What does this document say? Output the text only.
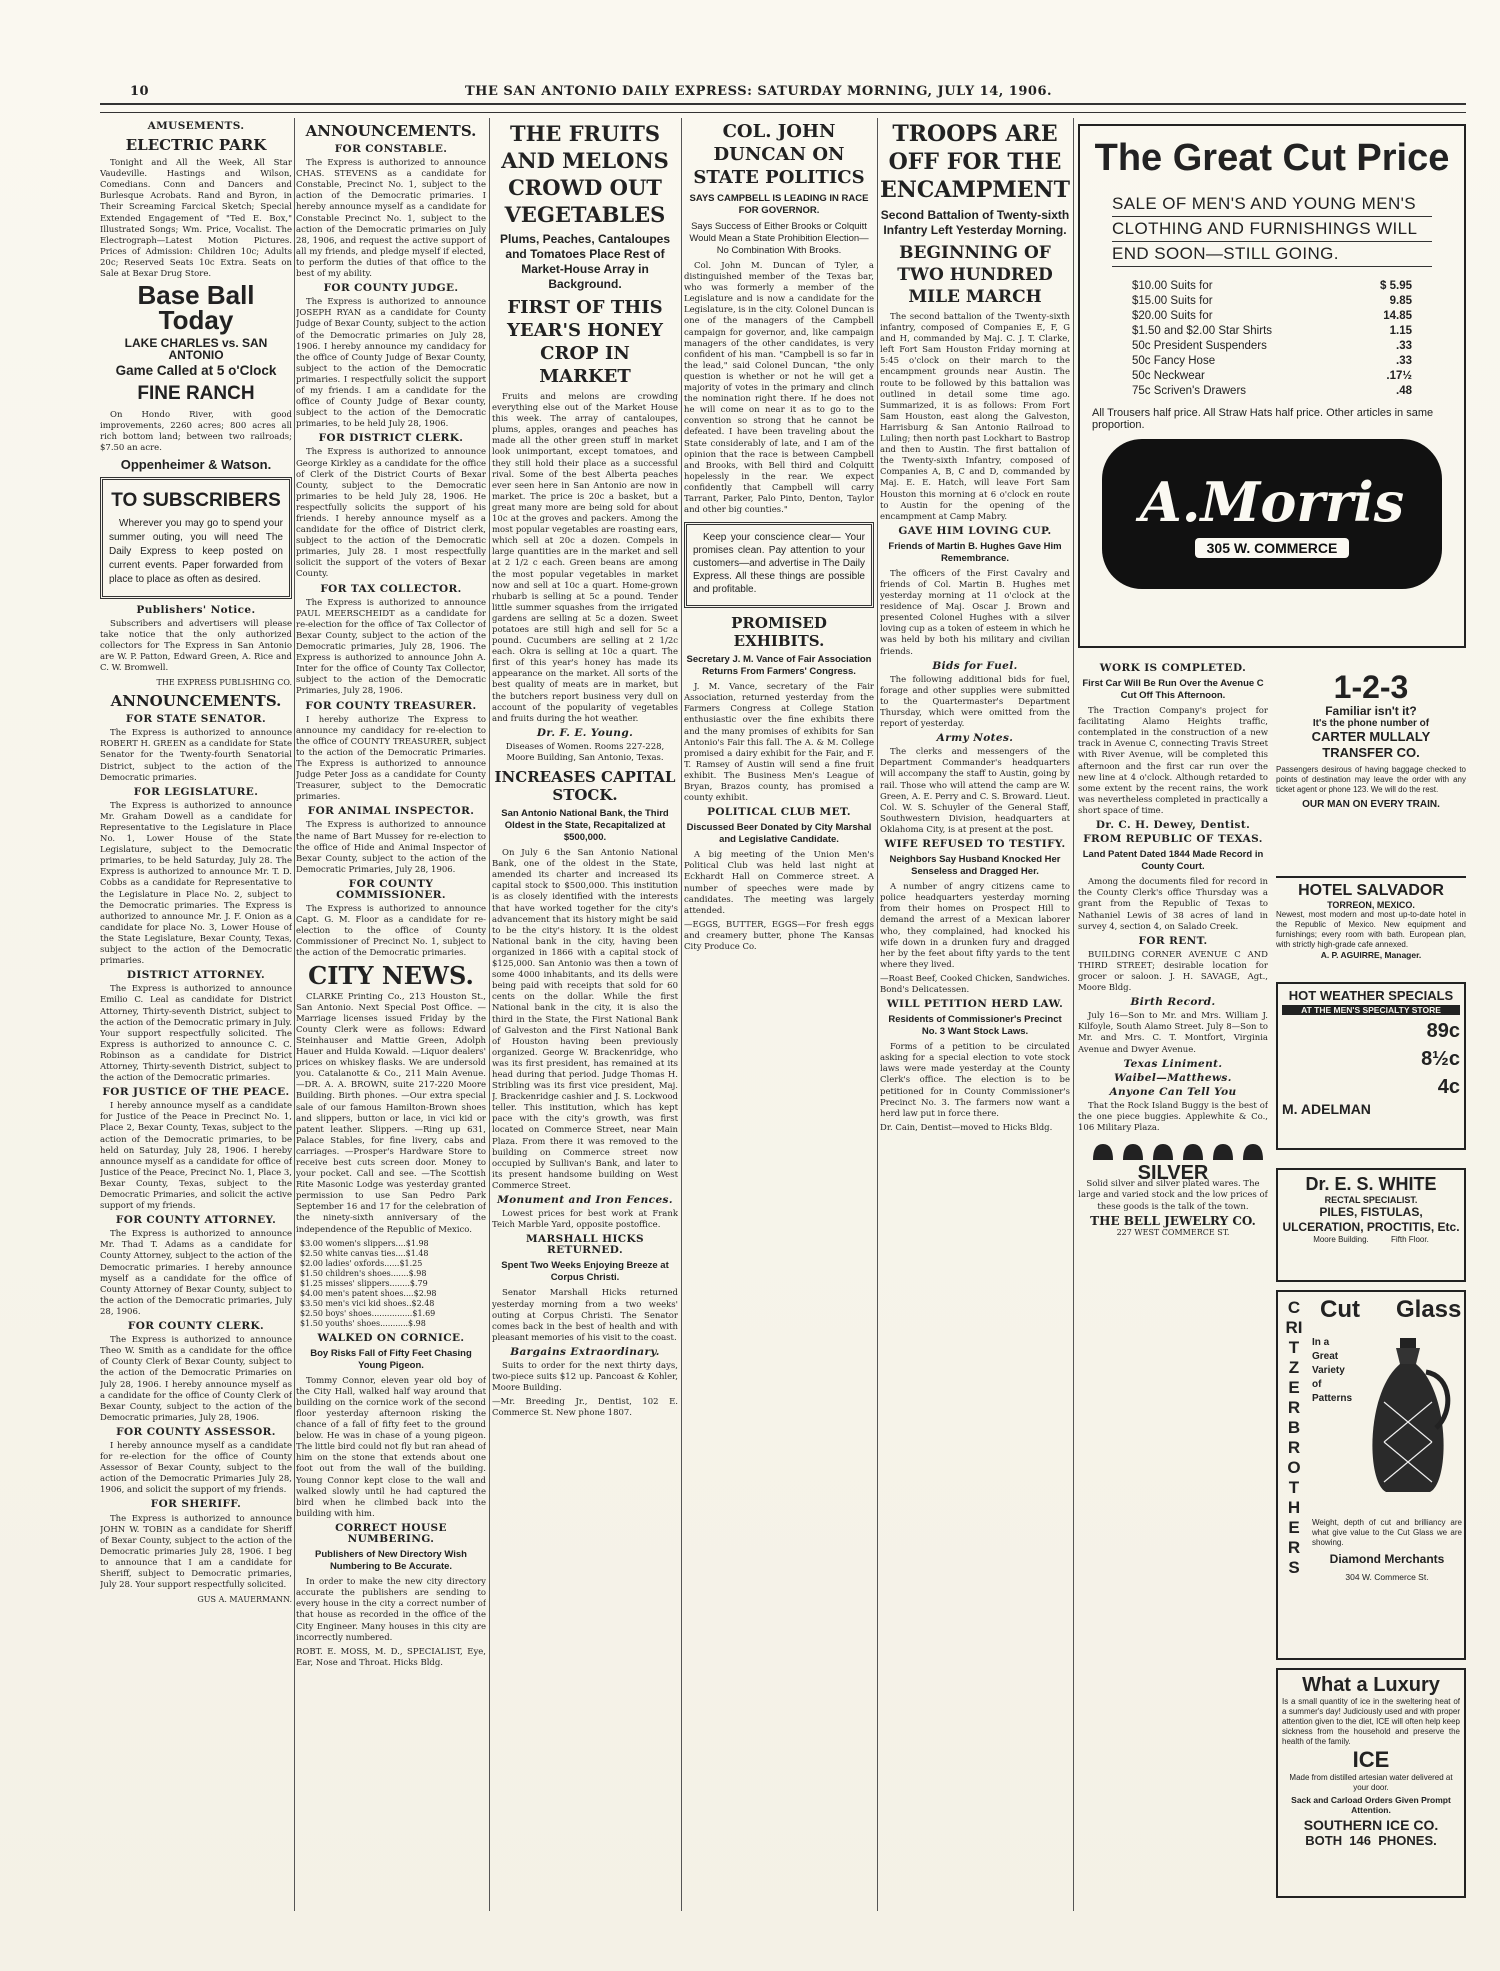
10	THE SAN ANTONIO DAILY EXPRESS: SATURDAY MORNING, JULY 14, 1906.
AMUSEMENTS.
ELECTRIC PARK

Tonight and All the Week, All Star Vaudeville. Hastings and Wilson, Comedians. Conn and Dancers and Burlesque Acrobats. Rand and Byron, in Their Screaming Farcical Sketch; Special Extended Engagement of "Ted E. Box," Illustrated Songs; Wm. Price, Vocalist. The Electrograph—Latest Motion Pictures. Prices of Admission: Children 10c; Adults 20c; Reserved Seats 10c Extra. Seats on Sale at Bexar Drug Store.

Base Ball Today
LAKE CHARLES vs. SAN ANTONIO
Game Called at 5 o'Clock
FINE RANCH

On Hondo River, with good improvements, 2260 acres; 800 acres all rich bottom land; between two railroads; $7.50 an acre.

Oppenheimer & Watson.
TO SUBSCRIBERS

Wherever you may go to spend your summer outing, you will need The Daily Express to keep posted on current events. Paper forwarded from place to place as often as desired.

Publishers' Notice.

Subscribers and advertisers will please take notice that the only authorized collectors for The Express in San Antonio are W. P. Patton, Edward Green, A. Rice and C. W. Bromwell.

THE EXPRESS PUBLISHING CO.
ANNOUNCEMENTS.
FOR STATE SENATOR.

The Express is authorized to announce ROBERT H. GREEN as a candidate for State Senator for the Twenty-fourth Senatorial District, subject to the action of the Democratic primaries.

FOR LEGISLATURE.

The Express is authorized to announce Mr. Graham Dowell as a candidate for Representative to the Legislature in Place No. 1, Lower House of the State Legislature, subject to the Democratic primaries, to be held Saturday, July 28. The Express is authorized to announce Mr. T. D. Cobbs as a candidate for Representative to the Legislature in Place No. 2, subject to the Democratic primaries. The Express is authorized to announce Mr. J. F. Onion as a candidate for place No. 3, Lower House of the State Legislature, Bexar County, Texas, subject to the action of the Democratic primaries.

DISTRICT ATTORNEY.

The Express is authorized to announce Emilio C. Leal as candidate for District Attorney, Thirty-seventh District, subject to the action of the Democratic primary in July. Your support respectfully solicited. The Express is authorized to announce C. C. Robinson as a candidate for District Attorney, Thirty-seventh District, subject to the action of the Democratic primaries.

FOR JUSTICE OF THE PEACE.

I hereby announce myself as a candidate for Justice of the Peace in Precinct No. 1, Place 2, Bexar County, Texas, subject to the action of the Democratic primaries, to be held on Saturday, July 28, 1906. I hereby announce myself as a candidate for office of Justice of the Peace, Precinct No. 1, Place 3, Bexar County, Texas, subject to the Democratic Primaries, and solicit the active support of my friends.

FOR COUNTY ATTORNEY.

The Express is authorized to announce Mr. Thad T. Adams as a candidate for County Attorney, subject to the action of the Democratic primaries. I hereby announce myself as a candidate for the office of County Attorney of Bexar County, subject to the action of the Democratic primaries, July 28, 1906.

FOR COUNTY CLERK.

The Express is authorized to announce Theo W. Smith as a candidate for the office of County Clerk of Bexar County, subject to the action of the Democratic Primaries on July 28, 1906. I hereby announce myself as a candidate for the office of County Clerk of Bexar County, subject to the action of the Democratic primaries, July 28, 1906.

FOR COUNTY ASSESSOR.

I hereby announce myself as a candidate for re-election for the office of County Assessor of Bexar County, subject to the action of the Democratic Primaries July 28, 1906, and solicit the support of my friends.

FOR SHERIFF.

The Express is authorized to announce JOHN W. TOBIN as a candidate for Sheriff of Bexar County, subject to the action of the Democratic primaries July 28, 1906. I beg to announce that I am a candidate for Sheriff, subject to Democratic primaries, July 28. Your support respectfully solicited.

GUS A. MAUERMANN.
ANNOUNCEMENTS.
FOR CONSTABLE.

The Express is authorized to announce CHAS. STEVENS as a candidate for Constable, Precinct No. 1, subject to the action of the Democratic primaries. I hereby announce myself as a candidate for Constable Precinct No. 1, subject to the action of the Democratic primaries on July 28, 1906, and request the active support of all my friends, and pledge myself if elected, to perform the duties of that office to the best of my ability.

FOR COUNTY JUDGE.

The Express is authorized to announce JOSEPH RYAN as a candidate for County Judge of Bexar County, subject to the action of the Democratic primaries on July 28, 1906. I hereby announce my candidacy for the office of County Judge of Bexar County, subject to the action of the Democratic primaries. I respectfully solicit the support of my friends. I am a candidate for the office of County Judge of Bexar county, subject to the action of the Democratic primaries, to be held July 28, 1906.

FOR DISTRICT CLERK.

The Express is authorized to announce George Kirkley as a candidate for the office of Clerk of the District Courts of Bexar County, subject to the Democratic primaries to be held July 28, 1906. He respectfully solicits the support of his friends. I hereby announce myself as a candidate for the office of District clerk, subject to the action of the Democratic primaries, July 28. I most respectfully solicit the support of the voters of Bexar County.

FOR TAX COLLECTOR.

The Express is authorized to announce PAUL MEERSCHEIDT as a candidate for re-election for the office of Tax Collector of Bexar County, subject to the action of the Democratic primaries, July 28, 1906. The Express is authorized to announce John A. Inter for the office of County Tax Collector, subject to the action of the Democratic Primaries, July 28, 1906.

FOR COUNTY TREASURER.

I hereby authorize The Express to announce my candidacy for re-election to the office of COUNTY TREASURER, subject to the action of the Democratic Primaries. The Express is authorized to announce Judge Peter Joss as a candidate for County Treasurer, subject to the Democratic primaries.

FOR ANIMAL INSPECTOR.

The Express is authorized to announce the name of Bart Mussey for re-election to the office of Hide and Animal Inspector of Bexar County, subject to the action of the Democratic Primaries, July 28, 1906.

FOR COUNTY COMMISSIONER.

The Express is authorized to announce Capt. G. M. Floor as a candidate for re-election to the office of County Commissioner of Precinct No. 1, subject to the action of the Democratic primaries.

CITY NEWS.

CLARKE Printing Co., 213 Houston St., San Antonio. Next Special Post Office. —Marriage licenses issued Friday by the County Clerk were as follows: Edward Steinhauser and Mattie Green, Adolph Hauer and Hulda Kowald. —Liquor dealers' prices on whiskey flasks. We are undersold you. Catalanotte & Co., 211 Main Avenue. —DR. A. A. BROWN, suite 217-220 Moore Building. Birth phones. —Our extra special sale of our famous Hamilton-Brown shoes and slippers, button or lace, in vici kid or patent leather. Slippers. —Ring up 631, Palace Stables, for fine livery, cabs and carriages. —Prosper's Hardware Store to receive best cuts screen door. Money to your pocket. Call and see. —The Scottish Rite Masonic Lodge was yesterday granted permission to use San Pedro Park September 16 and 17 for the celebration of the ninety-sixth anniversary of the independence of the Republic of Mexico.

$3.00 women's slippers....$1.98
$2.50 white canvas ties....$1.48
$2.00 ladies' oxfords......$1.25
$1.50 children's shoes.......$.98
$1.25 misses' slippers........$.79
$4.00 men's patent shoes....$2.98
$3.50 men's vici kid shoes..$2.48
$2.50 boys' shoes................$1.69
$1.50 youths' shoes...........$.98
WALKED ON CORNICE.
Boy Risks Fall of Fifty Feet Chasing Young Pigeon.

Tommy Connor, eleven year old boy of the City Hall, walked half way around that building on the cornice work of the second floor yesterday afternoon risking the chance of a fall of fifty feet to the ground below. He was in chase of a young pigeon. The little bird could not fly but ran ahead of him on the stone that extends about one foot out from the wall of the building. Young Connor kept close to the wall and walked slowly until he had captured the bird when he climbed back into the building with him.

CORRECT HOUSE NUMBERING.
Publishers of New Directory Wish Numbering to Be Accurate.

In order to make the new city directory accurate the publishers are sending to every house in the city a correct number of that house as recorded in the office of the City Engineer. Many houses in this city are incorrectly numbered.

ROBT. E. MOSS, M. D., SPECIALIST, Eye, Ear, Nose and Throat. Hicks Bldg.

THE FRUITS AND MELONS CROWD OUT VEGETABLES
Plums, Peaches, Cantaloupes and Tomatoes Place Rest of Market-House Array in Background.
FIRST OF THIS YEAR'S HONEY CROP IN MARKET

Fruits and melons are crowding everything else out of the Market House this week. The array of cantaloupes, plums, apples, oranges and peaches has made all the other green stuff in market look unimportant, except tomatoes, and they still hold their place as a successful rival. Some of the best Alberta peaches ever seen here in San Antonio are now in market. The price is 20c a basket, but a great many more are being sold for about 10c at the groves and packers. Among the most popular vegetables are roasting ears, which sell at 20c a dozen. Compels in large quantities are in the market and sell at 2 1/2 c each. Green beans are among the most popular vegetables in market now and sell at 10c a quart. Home-grown rhubarb is selling at 5c a pound. Tender little summer squashes from the irrigated gardens are selling at 5c a dozen. Sweet potatoes are still high and sell for 5c a pound. Cucumbers are selling at 2 1/2c each. Okra is selling at 10c a quart. The first of this year's honey has made its appearance on the market. All sorts of the best quality of meats are in market, but the butchers report business very dull on account of the popularity of vegetables and fruits during the hot weather.

Dr. F. E. Young.

Diseases of Women. Rooms 227-228, Moore Building, San Antonio, Texas.

INCREASES CAPITAL STOCK.
San Antonio National Bank, the Third Oldest in the State, Recapitalized at $500,000.

On July 6 the San Antonio National Bank, one of the oldest in the State, amended its charter and increased its capital stock to $500,000. This institution is as closely identified with the interests that have worked together for the city's advancement that its history might be said to be the city's history. It is the oldest National bank in the city, having been organized in 1866 with a capital stock of $125,000. San Antonio was then a town of some 4000 inhabitants, and its dells were being paid with receipts that sold for 60 cents on the dollar. While the first National bank in the city, it is also the third in the State, the First National Bank of Galveston and the First National Bank of Houston having been previously organized. George W. Brackenridge, who was its first president, has remained at its head during that period. Judge Thomas H. Stribling was its first vice president, Maj. J. Brackenridge cashier and J. S. Lockwood teller. This institution, which has kept pace with the city's growth, was first located on Commerce Street, near Main Plaza. From there it was removed to the building on Commerce street now occupied by Sullivan's Bank, and later to its present handsome building on West Commerce Street.

Monument and Iron Fences.

Lowest prices for best work at Frank Teich Marble Yard, opposite postoffice.

MARSHALL HICKS RETURNED.
Spent Two Weeks Enjoying Breeze at Corpus Christi.

Senator Marshall Hicks returned yesterday morning from a two weeks' outing at Corpus Christi. The Senator comes back in the best of health and with pleasant memories of his visit to the coast.

Bargains Extraordinary.

Suits to order for the next thirty days, two-piece suits $12 up. Pancoast & Kohler, Moore Building.

—Mr. Breeding Jr., Dentist, 102 E. Commerce St. New phone 1807.

COL. JOHN DUNCAN ON STATE POLITICS
SAYS CAMPBELL IS LEADING IN RACE FOR GOVERNOR.
Says Success of Either Brooks or Colquitt Would Mean a State Prohibition Election—No Combination With Brooks.

Col. John M. Duncan of Tyler, a distinguished member of the Texas bar, who was formerly a member of the Legislature and is now a candidate for the Legislature, is in the city. Colonel Duncan is one of the managers of the Campbell campaign for governor, and, like campaign managers of the other candidates, is very confident of his man. "Campbell is so far in the lead," said Colonel Duncan, "the only question is whether or not he will get a majority of votes in the primary and clinch the nomination right there. If he does not he will come on near it as to go to the convention so strong that he cannot be defeated. I have been traveling about the State considerably of late, and I am of the opinion that the race is between Campbell and Brooks, with Bell third and Colquitt hopelessly in the rear. We expect confidently that Campbell will carry Tarrant, Parker, Palo Pinto, Denton, Taylor and other big counties."

Keep your conscience clear— Your promises clean. Pay attention to your customers—and advertise in The Daily Express. All these things are possible and profitable.

PROMISED EXHIBITS.
Secretary J. M. Vance of Fair Association Returns From Farmers' Congress.

J. M. Vance, secretary of the Fair Association, returned yesterday from the Farmers Congress at College Station enthusiastic over the fine exhibits there and the many promises of exhibits for San Antonio's Fair this fall. The A. & M. College promised a dairy exhibit for the Fair, and F. T. Ramsey of Austin will send a fine fruit exhibit. The Business Men's League of Bryan, Brazos county, has promised a county exhibit.

POLITICAL CLUB MET.
Discussed Beer Donated by City Marshal and Legislative Candidate.

A big meeting of the Union Men's Political Club was held last night at Eckhardt Hall on Commerce street. A number of speeches were made by candidates. The meeting was largely attended.

—EGGS, BUTTER, EGGS—For fresh eggs and creamery butter, phone The Kansas City Produce Co.

TROOPS ARE OFF FOR THE ENCAMPMENT
Second Battalion of Twenty-sixth Infantry Left Yesterday Morning.
BEGINNING OF TWO HUNDRED MILE MARCH

The second battalion of the Twenty-sixth infantry, composed of Companies E, F, G and H, commanded by Maj. C. J. T. Clarke, left Fort Sam Houston Friday morning at 5:45 o'clock on their march to the encampment grounds near Austin. The route to be followed by this battalion was outlined in detail some time ago. Summarized, it is as follows: From Fort Sam Houston, east along the Galveston, Harrisburg & San Antonio Railroad to Luling; then north past Lockhart to Bastrop and then to Austin. The first battalion of the Twenty-sixth Infantry, composed of Companies A, B, C and D, commanded by Maj. E. E. Hatch, will leave Fort Sam Houston this morning at 6 o'clock en route to Austin for the opening of the encampment at Camp Mabry.

GAVE HIM LOVING CUP.
Friends of Martin B. Hughes Gave Him Remembrance.

The officers of the First Cavalry and friends of Col. Martin B. Hughes met yesterday morning at 11 o'clock at the residence of Maj. Oscar J. Brown and presented Colonel Hughes with a silver loving cup as a token of esteem in which he was held by both his military and civilian friends.

Bids for Fuel.

The following additional bids for fuel, forage and other supplies were submitted to the Quartermaster's Department Thursday, which were omitted from the report of yesterday.

Army Notes.

The clerks and messengers of the Department Commander's headquarters will accompany the staff to Austin, going by rail. Those who will attend the camp are W. Green, A. E. Perry and C. S. Broward. Lieut. Col. W. S. Schuyler of the General Staff, Southwestern Division, headquarters at Oklahoma City, is at present at the post.

WIFE REFUSED TO TESTIFY.
Neighbors Say Husband Knocked Her Senseless and Dragged Her.

A number of angry citizens came to police headquarters yesterday morning from their homes on Prospect Hill to demand the arrest of a Mexican laborer who, they complained, had knocked his wife down in a drunken fury and dragged her by the feet about fifty yards to the tent where they lived.

—Roast Beef, Cooked Chicken, Sandwiches. Bond's Delicatessen.

WILL PETITION HERD LAW.
Residents of Commissioner's Precinct No. 3 Want Stock Laws.

Forms of a petition to be circulated asking for a special election to vote stock laws were made yesterday at the County Clerk's office. The election is to be petitioned for in County Commissioner's Precinct No. 3. The farmers now want a herd law put in force there.

Dr. Cain, Dentist—moved to Hicks Bldg.

The Great Cut Price
SALE OF MEN'S AND YOUNG MEN'S
CLOTHING AND FURNISHINGS WILL
END SOON—STILL GOING.
$10.00 Suits for	$ 5.95
$15.00 Suits for	9.85
$20.00 Suits for	14.85
$1.50 and $2.00 Star Shirts	1.15
50c President Suspenders	.33
50c Fancy Hose	.33
50c Neckwear	.17½
75c Scriven's Drawers	.48
All Trousers half price. All Straw Hats half price. Other articles in same proportion.
A.Morris
305 W. COMMERCE
WORK IS COMPLETED.
First Car Will Be Run Over the Avenue C Cut Off This Afternoon.

The Traction Company's project for facilitating Alamo Heights traffic, contemplated in the construction of a new track in Avenue C, connecting Travis Street with River Avenue, will be completed this afternoon and the first car run over the new line at 4 o'clock. Although retarded to some extent by the recent rains, the work was nevertheless completed in practically a short space of time.

Dr. C. H. Dewey, Dentist.
FROM REPUBLIC OF TEXAS.
Land Patent Dated 1844 Made Record in County Court.

Among the documents filed for record in the County Clerk's office Thursday was a grant from the Republic of Texas to Nathaniel Lewis of 38 acres of land in survey 4, section 4, on Salado Creek.

FOR RENT.

BUILDING CORNER AVENUE C AND THIRD STREET; desirable location for grocer or saloon. J. H. SAVAGE, Agt., Moore Bldg.

Birth Record.

July 16—Son to Mr. and Mrs. William J. Kilfoyle, South Alamo Street. July 8—Son to Mr. and Mrs. C. T. Montfort, Virginia Avenue and Dwyer Avenue.

Texas Liniment.
Waibel—Matthews.
Anyone Can Tell You

That the Rock Island Buggy is the best of the one piece buggies. Applewhite & Co., 106 Military Plaza.

SILVER

Solid silver and silver plated wares. The large and varied stock and the low prices of these goods is the talk of the town.

THE BELL JEWELRY CO.
227 WEST COMMERCE ST.
1-2-3
Familiar isn't it?
It's the phone number of
CARTER MULLALY TRANSFER CO.
Passengers desirous of having baggage checked to points of destination may leave the order with any ticket agent or phone 123. We will do the rest.
OUR MAN ON EVERY TRAIN.
HOTEL SALVADOR
TORREON, MEXICO.
Newest, most modern and most up-to-date hotel in the Republic of Mexico. New equipment and furnishings; every room with bath. European plan, with strictly high-grade cafe annexed.
A. P. AGUIRRE, Manager.
HOT WEATHER SPECIALS
AT THE MEN'S SPECIALTY STORE
89c
8½c
4c
M. ADELMAN
Dr. E. S. WHITE
RECTAL SPECIALIST.
PILES, FISTULAS, ULCERATION, PROCTITIS, Etc.
Moore Building.          Fifth Floor.
CRITZER BROTHERS
Cut Glass
In a Great Variety of Patterns
Weight, depth of cut and brilliancy are what give value to the Cut Glass we are showing.
Diamond Merchants
304 W. Commerce St.
What a Luxury
Is a small quantity of ice in the sweltering heat of a summer's day! Judiciously used and with proper attention given to the diet, ICE will often help keep sickness from the household and preserve the health of the family.
ICE
Made from distilled artesian water delivered at your door.
Sack and Carload Orders Given Prompt Attention.
SOUTHERN ICE CO.
BOTH  146  PHONES.
